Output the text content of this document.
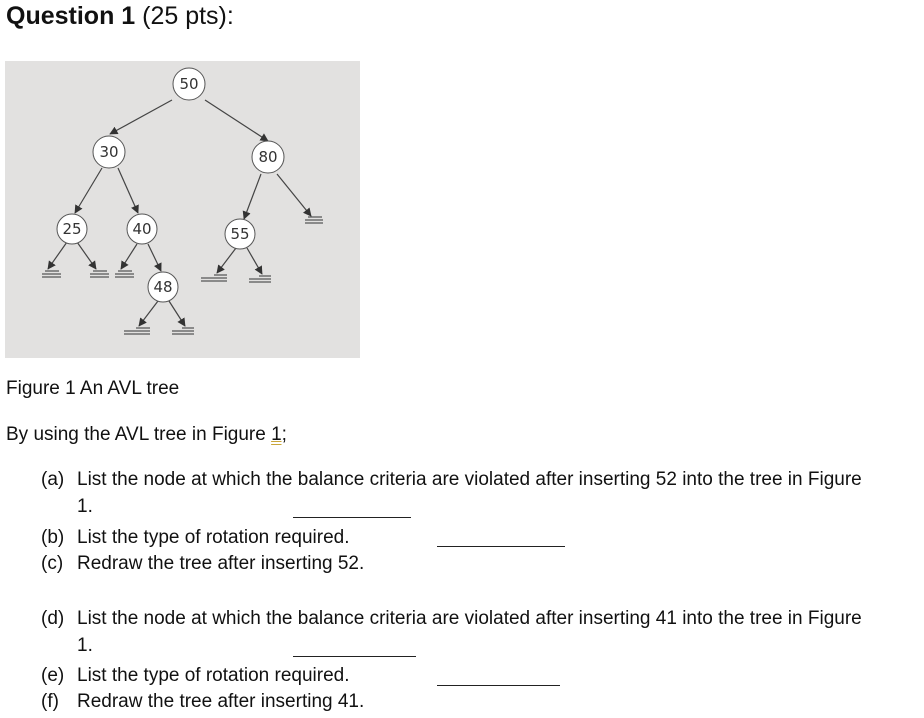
Question 1 (25 pts):
50
30	80
25	40	55
48
Figure 1 An AVL tree
By using the AVL tree in Figure 1;
(a) List the node at which the balance criteria are violated after inserting 52 into the tree in Figure
1.
(b) List the type of rotation required.
(c) Redraw the tree after inserting 52.
(d) List the node at which the balance criteria are violated after inserting 41 into the tree in Figure
1.
(e) List the type of rotation required.
(f) Redraw the tree after inserting 41.
